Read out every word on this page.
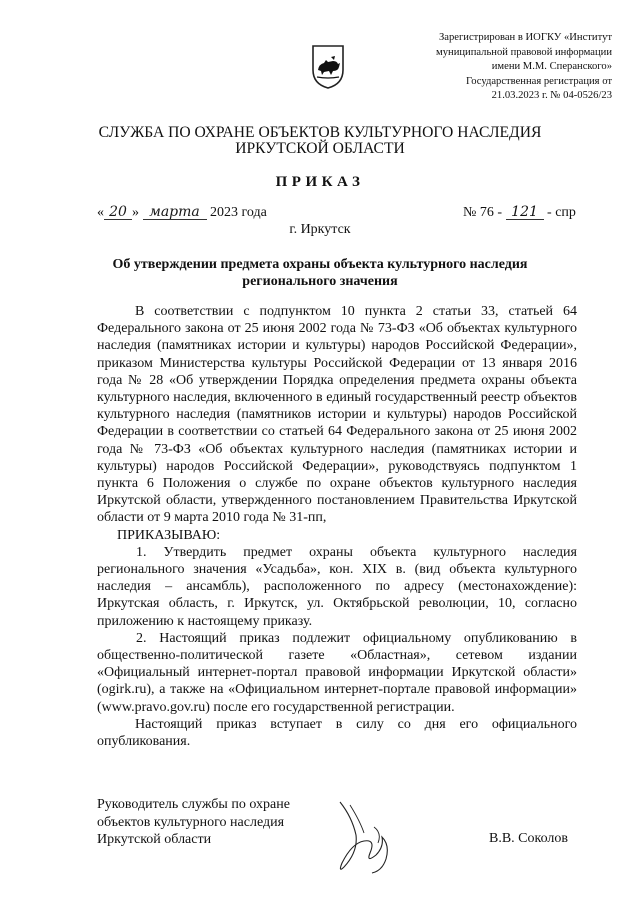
Зарегистрирован в ИОГКУ «Институт
муниципальной правовой информации
имени М.М. Сперанского»
Государственная регистрация от
21.03.2023 г. № 04-0526/23
СЛУЖБА ПО ОХРАНЕ ОБЪЕКТОВ КУЛЬТУРНОГО НАСЛЕДИЯ
ИРКУТСКОЙ ОБЛАСТИ
ПРИКАЗ
« 20 » марта 2023 года	№ 76 - 121 - спр
г. Иркутск
Об утверждении предмета охраны объекта культурного наследия
регионального значения

В соответствии с подпунктом 10 пункта 2 статьи 33, статьей 64 Федерального закона от 25 июня 2002 года № 73-ФЗ «Об объектах культурного наследия (памятниках истории и культуры) народов Российской Федерации», приказом Министерства культуры Российской Федерации от 13 января 2016 года № 28 «Об утверждении Порядка определения предмета охраны объекта культурного наследия, включенного в единый государственный реестр объектов культурного наследия (памятников истории и культуры) народов Российской Федерации в соответствии со статьей 64 Федерального закона от 25 июня 2002 года № 73-ФЗ «Об объектах культурного наследия (памятниках истории и культуры) народов Российской Федерации», руководствуясь подпунктом 1 пункта 6 Положения о службе по охране объектов культурного наследия Иркутской области, утвержденного постановлением Правительства Иркутской области от 9 марта 2010 года № 31-пп,

ПРИКАЗЫВАЮ:

1. Утвердить предмет охраны объекта культурного наследия регионального значения «Усадьба», кон. XIX в. (вид объекта культурного наследия – ансамбль), расположенного по адресу (местонахождение): Иркутская область, г. Иркутск, ул. Октябрьской революции, 10, согласно приложению к настоящему приказу.

2. Настоящий приказ подлежит официальному опубликованию в общественно-политической газете «Областная», сетевом издании «Официальный интернет-портал правовой информации Иркутской области» (ogirk.ru), а также на «Официальном интернет-портале правовой информации» (www.pravo.gov.ru) после его государственной регистрации.

Настоящий приказ вступает в силу со дня его официального опубликования.

Руководитель службы по охране
объектов культурного наследия
Иркутской области	В.В. Соколов
